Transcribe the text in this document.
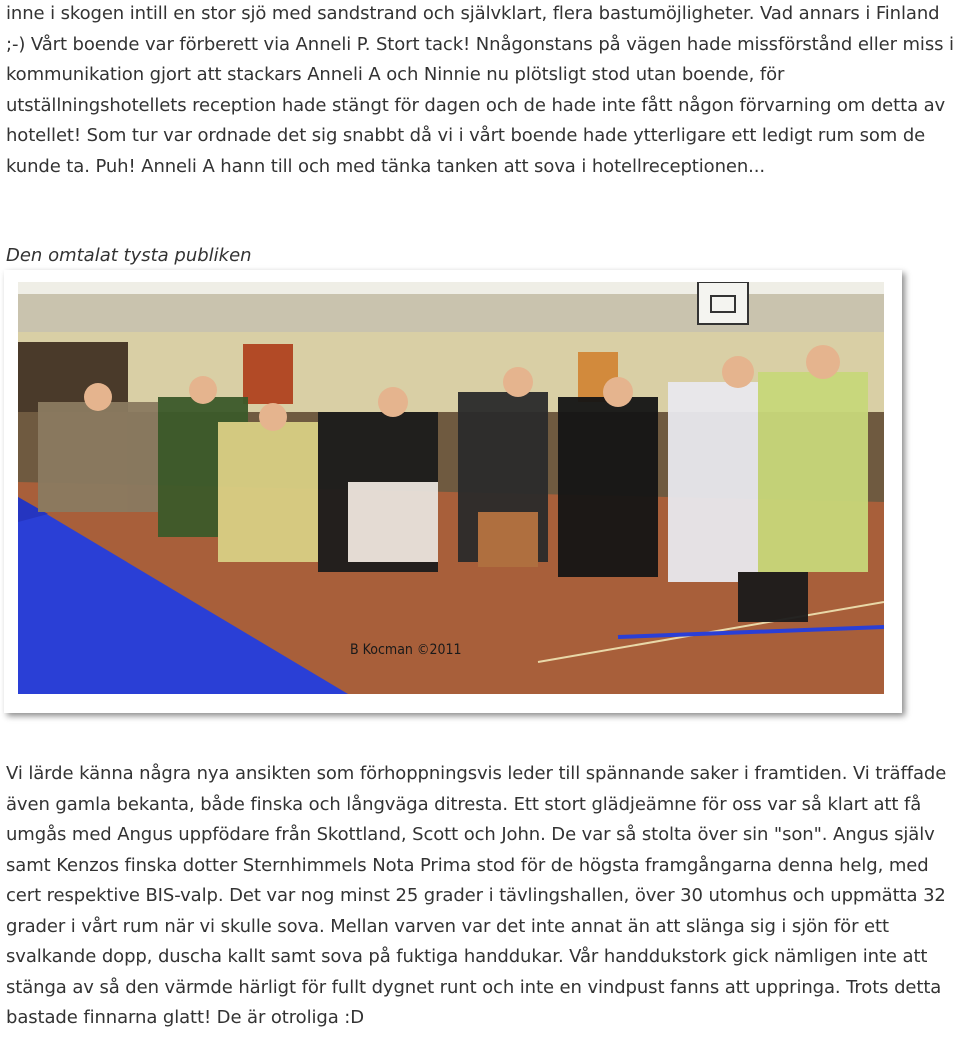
inne i skogen intill en stor sjö med sandstrand och självklart, flera bastumöjligheter. Vad annars i Finland ;-) Vårt boende var förberett via Anneli P. Stort tack! Nnågonstans på vägen hade missförstånd eller miss i kommunikation gjort att stackars Anneli A och Ninnie nu plötsligt stod utan boende, för utställningshotellets reception hade stängt för dagen och de hade inte fått någon förvarning om detta av hotellet! Som tur var ordnade det sig snabbt då vi i vårt boende hade ytterligare ett ledigt rum som de kunde ta. Puh! Anneli A hann till och med tänka tanken att sova i hotellreceptionen...

Den omtalat tysta publiken

B Kocman ©2011

Vi lärde känna några nya ansikten som förhoppningsvis leder till spännande saker i framtiden. Vi träffade även gamla bekanta, både finska och långväga ditresta. Ett stort glädjeämne för oss var så klart att få umgås med Angus uppfödare från Skottland, Scott och John. De var så stolta över sin "son". Angus själv samt Kenzos finska dotter Sternhimmels Nota Prima stod för de högsta framgångarna denna helg, med cert respektive BIS-valp. Det var nog minst 25 grader i tävlingshallen, över 30 utomhus och uppmätta 32 grader i vårt rum när vi skulle sova. Mellan varven var det inte annat än att slänga sig i sjön för ett svalkande dopp, duscha kallt samt sova på fuktiga handdukar. Vår handdukstork gick nämligen inte att stänga av så den värmde härligt för fullt dygnet runt och inte en vindpust fanns att uppringa. Trots detta bastade finnarna glatt! De är otroliga :D
